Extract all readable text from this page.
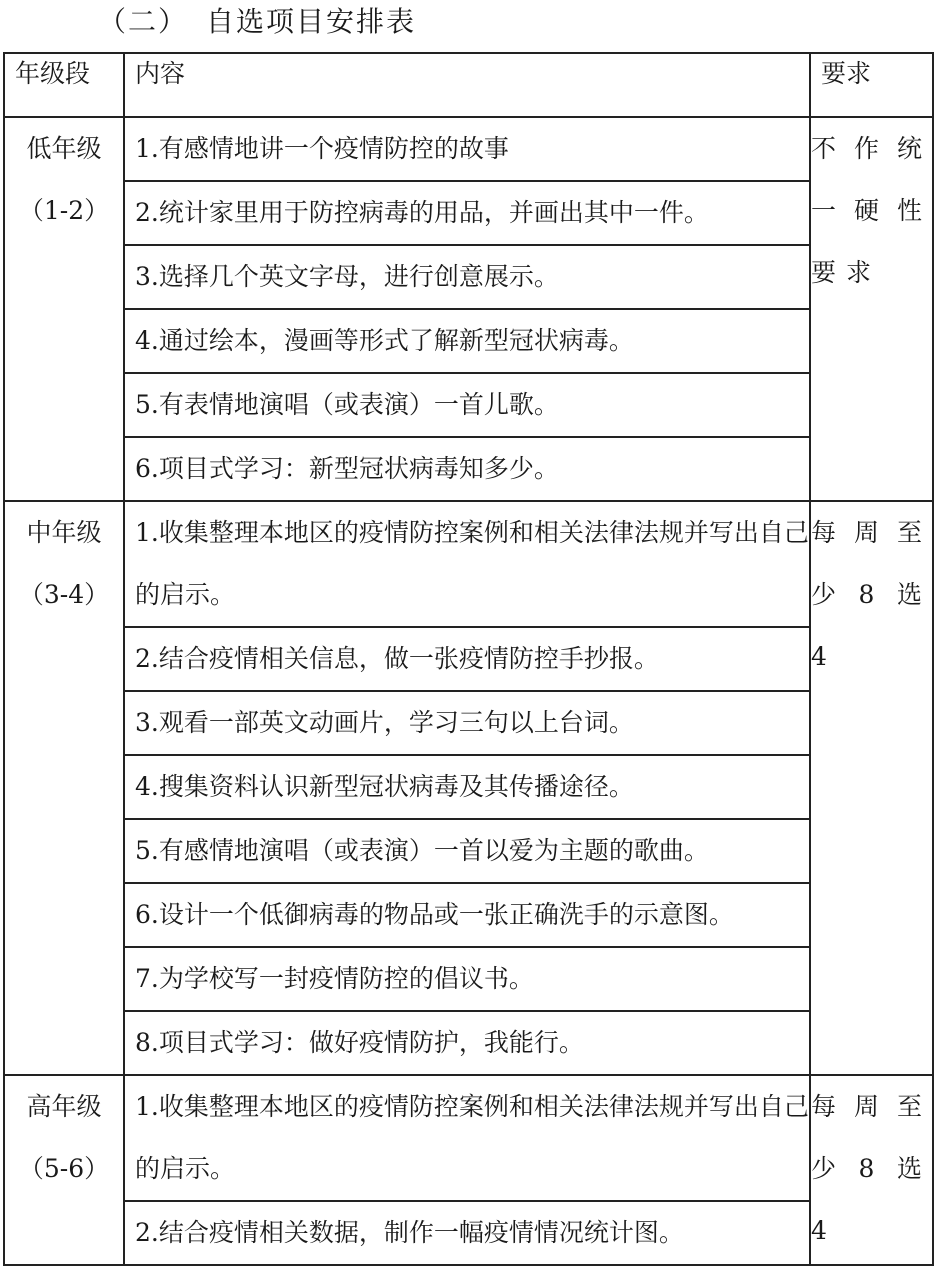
（二） 自选项目安排表
年级段	内容	要求

低年级
（1-2）	1.有感情地讲一个疫情防控的故事	不作统一硬性要求

	2.统计家里用于防控病毒的用品，并画出其中一件。	

	3.选择几个英文字母，进行创意展示。	

	4.通过绘本，漫画等形式了解新型冠状病毒。	

	5.有表情地演唱（或表演）一首儿歌。	

	6.项目式学习：新型冠状病毒知多少。	

中年级
（3-4）	1.收集整理本地区的疫情防控案例和相关法律法规并写出自己的启示。	每周至少8选4

	2.结合疫情相关信息，做一张疫情防控手抄报。	

	3.观看一部英文动画片，学习三句以上台词。	

	4.搜集资料认识新型冠状病毒及其传播途径。	

	5.有感情地演唱（或表演）一首以爱为主题的歌曲。	

	6.设计一个低御病毒的物品或一张正确洗手的示意图。	

	7.为学校写一封疫情防控的倡议书。	

	8.项目式学习：做好疫情防护，我能行。	

高年级
（5-6）	1.收集整理本地区的疫情防控案例和相关法律法规并写出自己的启示。	每周至少8选4

	2.结合疫情相关数据，制作一幅疫情情况统计图。	
